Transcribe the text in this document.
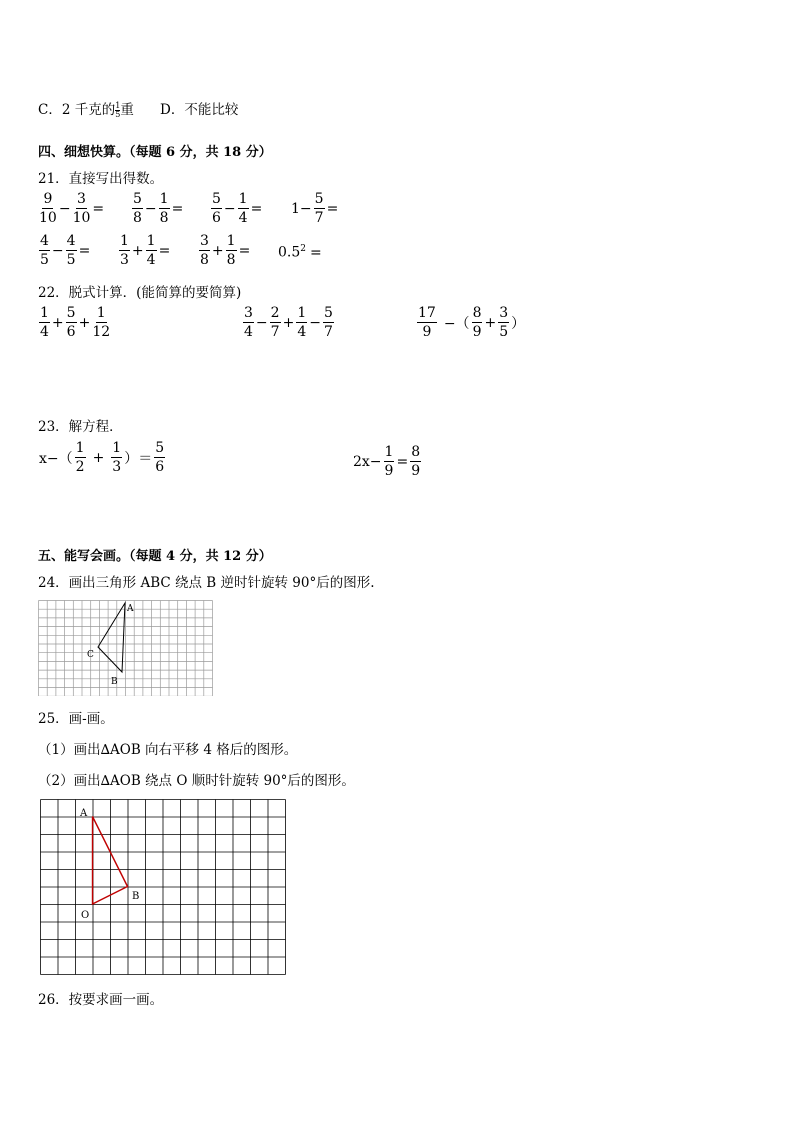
C．2 千克的 $\frac{1}{5}$ 重 D．不能比较
四、细想快算。（每题 6 分，共 18 分）
21．直接写出得数。
$\frac{9}{10} - \frac{3}{10} = \frac{5}{8} - \frac{1}{8} = \frac{5}{6} - \frac{1}{4} = 1- \frac{5}{7}$ =
$\frac{4}{5} - \frac{4}{5} = \frac{1}{3} + \frac{1}{4} = \frac{3}{8} + \frac{1}{8} = 0.5^2$ =
22．脱式计算．(能简算的要简算)
$\frac{1}{4} + \frac{5}{6} + \frac{1}{12}$	$\frac{3}{4} - \frac{2}{7} + \frac{1}{4} - \frac{5}{7}$	$\frac{17}{9}$ −（ $\frac{8}{9} + \frac{3}{5}$ ）
23．解方程．
$x-( \frac{1}{2} + \frac{1}{3}$ ）＝ $\frac{5}{6}$	$2x- \frac{1}{9} = \frac{8}{9}$
五、能写会画。（每题 4 分，共 12 分）
24．画出三角形 ABC 绕点 B 逆时针旋转 90°后的图形.
A
B
C
25．画-画。
（1）画出∆AOB 向右平移 4 格后的图形。
（2）画出∆AOB 绕点 O 顺时针旋转 90°后的图形。
A
B
O
26．按要求画一画。
